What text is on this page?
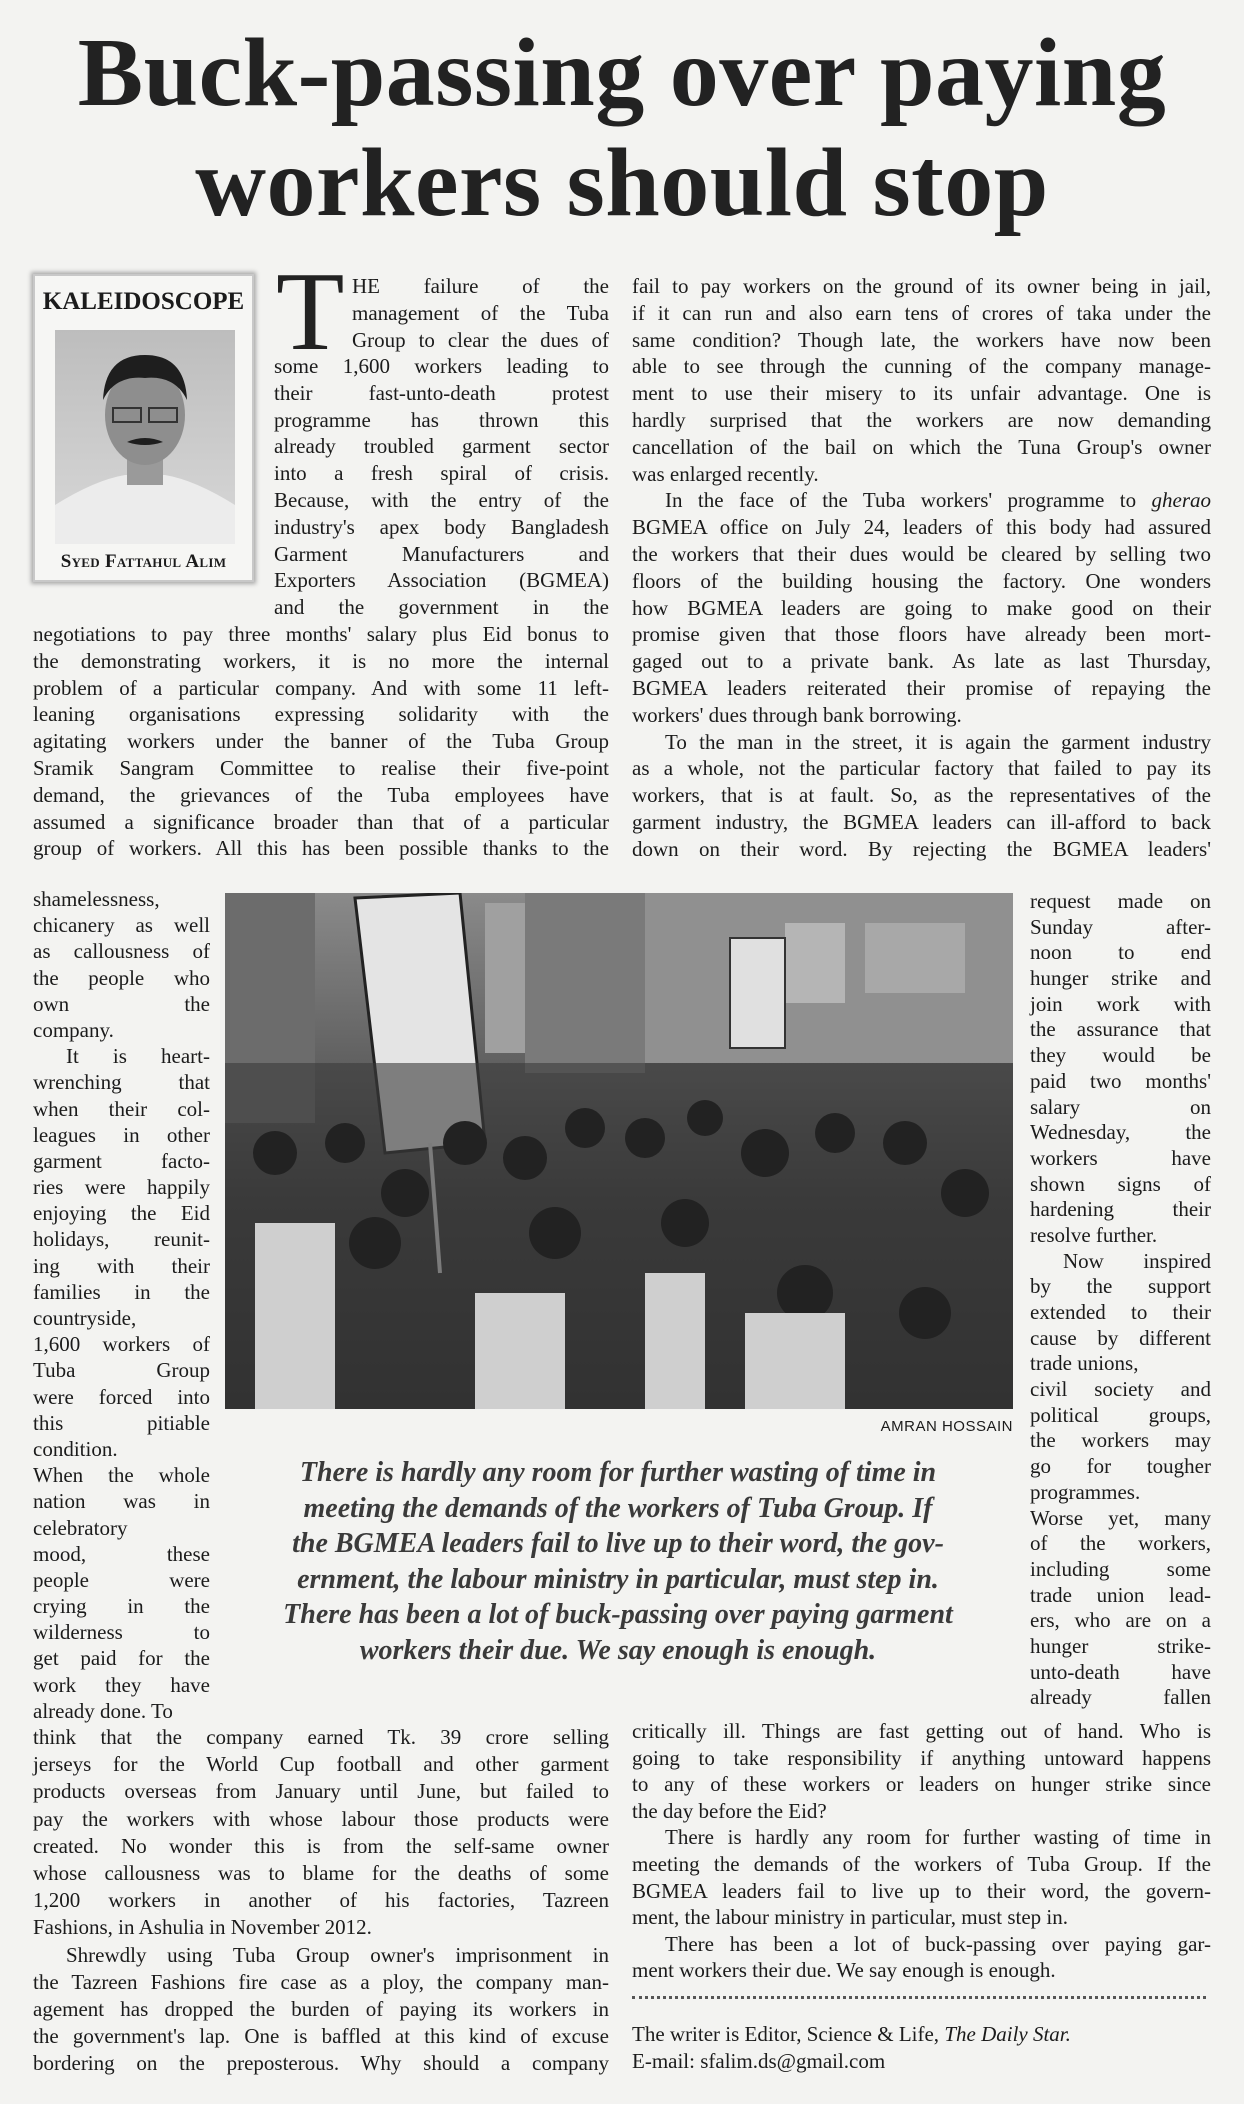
Buck-passing over paying
workers should stop
KALEIDOSCOPE
Syed Fattahul Alim
T HE failure of the
management of the Tuba
Group to clear the dues of
some 1,600 workers leading to
their fast-unto-death protest
programme has thrown this
already troubled garment sector
into a fresh spiral of crisis.
Because, with the entry of the
industry's apex body Bangladesh
Garment Manufacturers and
Exporters Association (BGMEA)
and the government in the
negotiations to pay three months' salary plus Eid bonus to
the demonstrating workers, it is no more the internal
problem of a particular company. And with some 11 left-
leaning organisations expressing solidarity with the
agitating workers under the banner of the Tuba Group
Sramik Sangram Committee to realise their five-point
demand, the grievances of the Tuba employees have
assumed a significance broader than that of a particular
group of workers. All this has been possible thanks to the
shamelessness,
chicanery as well
as callousness of
the people who
own the
company.
It is heart-
wrenching that
when their col-
leagues in other
garment facto-
ries were happily
enjoying the Eid
holidays, reunit-
ing with their
families in the
countryside,
1,600 workers of
Tuba Group
were forced into
this pitiable
condition.
When the whole
nation was in
celebratory
mood, these
people were
crying in the
wilderness to
get paid for the
work they have
already done. To
think that the company earned Tk. 39 crore selling
jerseys for the World Cup football and other garment
products overseas from January until June, but failed to
pay the workers with whose labour those products were
created. No wonder this is from the self-same owner
whose callousness was to blame for the deaths of some
1,200 workers in another of his factories, Tazreen
Fashions, in Ashulia in November 2012.
Shrewdly using Tuba Group owner's imprisonment in
the Tazreen Fashions fire case as a ploy, the company man-
agement has dropped the burden of paying its workers in
the government's lap. One is baffled at this kind of excuse
bordering on the preposterous. Why should a company
fail to pay workers on the ground of its owner being in jail,
if it can run and also earn tens of crores of taka under the
same condition? Though late, the workers have now been
able to see through the cunning of the company manage-
ment to use their misery to its unfair advantage. One is
hardly surprised that the workers are now demanding
cancellation of the bail on which the Tuna Group's owner
was enlarged recently.
In the face of the Tuba workers' programme to gherao
BGMEA office on July 24, leaders of this body had assured
the workers that their dues would be cleared by selling two
floors of the building housing the factory. One wonders
how BGMEA leaders are going to make good on their
promise given that those floors have already been mort-
gaged out to a private bank. As late as last Thursday,
BGMEA leaders reiterated their promise of repaying the
workers' dues through bank borrowing.
To the man in the street, it is again the garment industry
as a whole, not the particular factory that failed to pay its
workers, that is at fault. So, as the representatives of the
garment industry, the BGMEA leaders can ill-afford to back
down on their word. By rejecting the BGMEA leaders'
request made on
Sunday after-
noon to end
hunger strike and
join work with
the assurance that
they would be
paid two months'
salary on
Wednesday, the
workers have
shown signs of
hardening their
resolve further.
Now inspired
by the support
extended to their
cause by different
trade unions,
civil society and
political groups,
the workers may
go for tougher
programmes.
Worse yet, many
of the workers,
including some
trade union lead-
ers, who are on a
hunger strike-
unto-death have
already fallen
critically ill. Things are fast getting out of hand. Who is
going to take responsibility if anything untoward happens
to any of these workers or leaders on hunger strike since
the day before the Eid?
There is hardly any room for further wasting of time in
meeting the demands of the workers of Tuba Group. If the
BGMEA leaders fail to live up to their word, the govern-
ment, the labour ministry in particular, must step in.
There has been a lot of buck-passing over paying gar-
ment workers their due. We say enough is enough.
AMRAN HOSSAIN
There is hardly any room for further wasting of time in
meeting the demands of the workers of Tuba Group. If
the BGMEA leaders fail to live up to their word, the gov-
ernment, the labour ministry in particular, must step in.
There has been a lot of buck-passing over paying garment
workers their due. We say enough is enough.
The writer is Editor, Science & Life, The Daily Star.
E-mail: sfalim.ds@gmail.com
